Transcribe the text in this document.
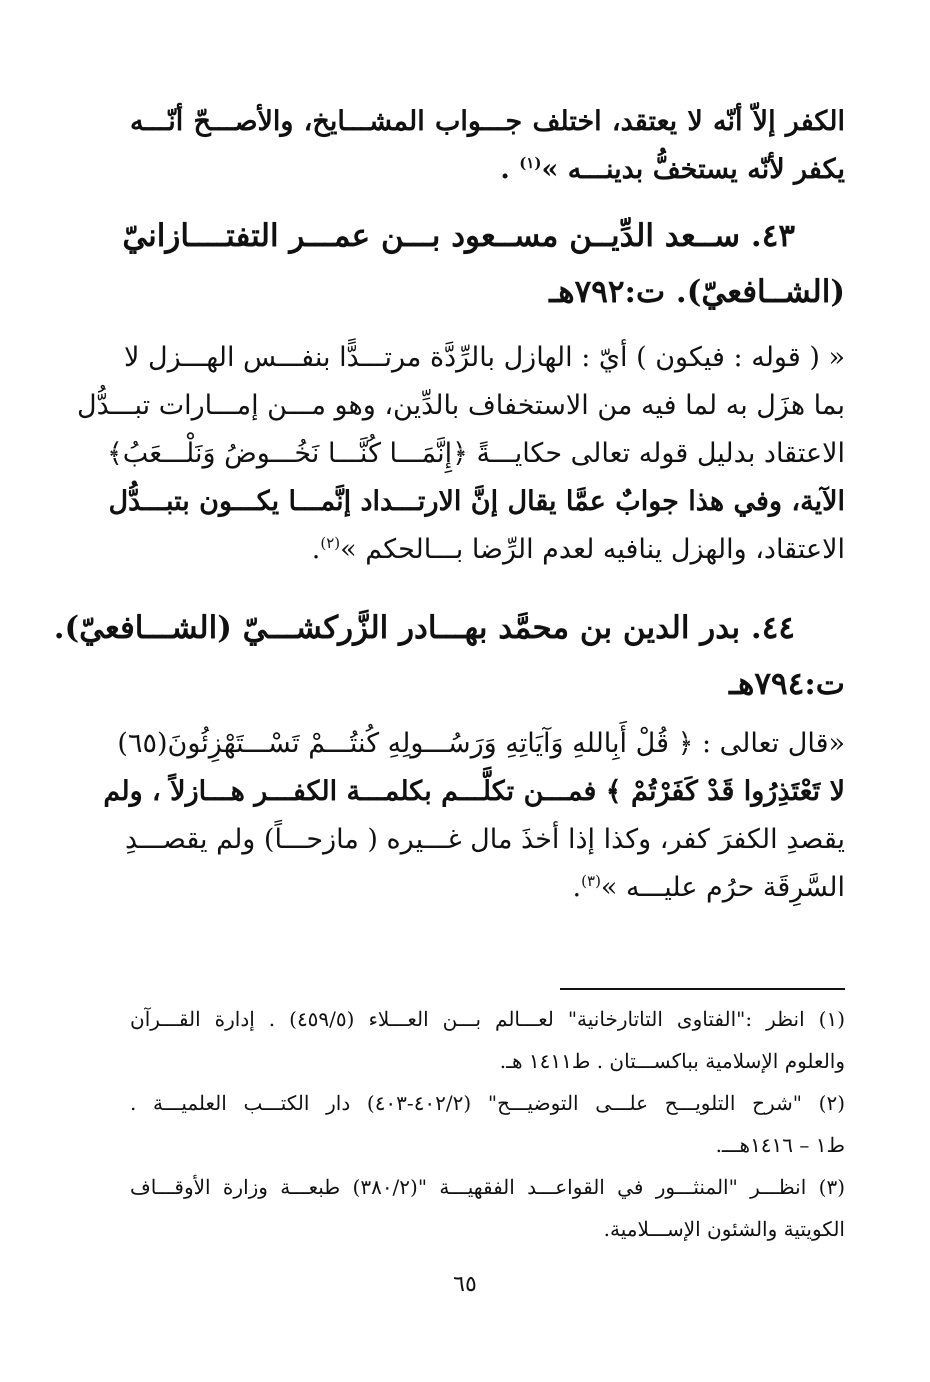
الكفر إلاّ أنّه لا يعتقد، اختلف جـــواب المشـــايخ، والأصـــحّ أنّـــه
يكفر لأنّه يستخفُّ بدينـــه »$^{(١)}$ .
٤٣. ســعد الدِّيــن مســعود بـــن عمـــر التفتــــازانيّ
(الشــافعيّ). ت:٧٩٢هـ
« ( قوله : فيكون ) أيّ : الهازل بالرِّدَّة مرتـــدًّا بنفـــس الهـــزل لا
بما هزَل به لما فيه من الاستخفاف بالدِّين، وهو مـــن إمـــارات تبـــدُّل
الاعتقاد بدليل قوله تعالى حكايـــةً ﴿إِنَّمَـــا كُنَّـــا نَخُـــوضُ وَنَلْـــعَبُ﴾
الآية، وفي هذا جوابٌ عمَّا يقال إنَّ الارتـــداد إنَّمـــا يكـــون بتبـــدُّل
الاعتقاد، والهزل ينافيه لعدم الرِّضا بـــالحكم »$^{(٢)}$.
٤٤. بدر الدين بن محمَّد بهـــادر الزَّركشـــيّ (الشـــافعيّ).
ت:٧٩٤هـ
«قال تعالى : ﴿ قُلْ أَبِاللهِ وَآيَاتِهِ وَرَسُـــولِهِ كُنتُـــمْ تَسْـــتَهْزِئُونَ(٦٥)
لا تَعْتَذِرُوا قَدْ كَفَرْتُمْ ﴾ فمـــن تكلَّـــم بكلمـــة الكفـــر هـــازلاً ، ولم
يقصدِ الكفرَ كفر، وكذا إذا أخذَ مال غـــيره ( مازحـــاً) ولم يقصـــدِ
السَّرِقَة حرُم عليـــه »$^{(٣)}$.
(١) انظر :"الفتاوى التاتارخانية" لعـــالم بـــن العـــلاء (٤٥٩/٥) . إدارة القـــرآن
والعلوم الإسلامية بباكســـتان . ط١٤١١ هـ.
(٢) "شرح التلويـــح علـــى التوضيـــح" (٤٠٢/٢-٤٠٣) دار الكتـــب العلميـــة .
ط١ – ١٤١٦هـــ.
(٣) انظـــر "المنثـــور في القواعـــد الفقهيـــة "(٣٨٠/٢) طبعـــة وزارة الأوقـــاف
الكويتية والشئون الإســـلامية.
٦٥
